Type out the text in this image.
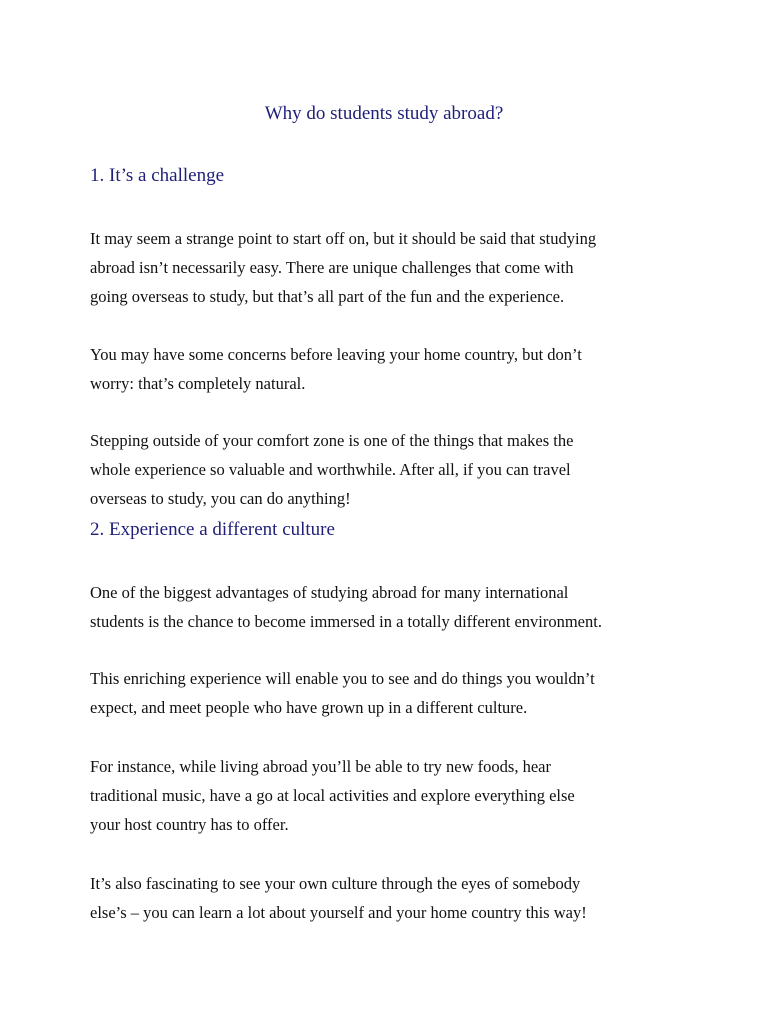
Why do students study abroad?
1. It’s a challenge

It may seem a strange point to start off on, but it should be said that studying
abroad isn’t necessarily easy. There are unique challenges that come with
going overseas to study, but that’s all part of the fun and the experience.

You may have some concerns before leaving your home country, but don’t
worry: that’s completely natural.

Stepping outside of your comfort zone is one of the things that makes the
whole experience so valuable and worthwhile. After all, if you can travel
overseas to study, you can do anything!

2. Experience a different culture

One of the biggest advantages of studying abroad for many international
students is the chance to become immersed in a totally different environment.

This enriching experience will enable you to see and do things you wouldn’t
expect, and meet people who have grown up in a different culture.

For instance, while living abroad you’ll be able to try new foods, hear
traditional music, have a go at local activities and explore everything else
your host country has to offer.

It’s also fascinating to see your own culture through the eyes of somebody
else’s – you can learn a lot about yourself and your home country this way!
